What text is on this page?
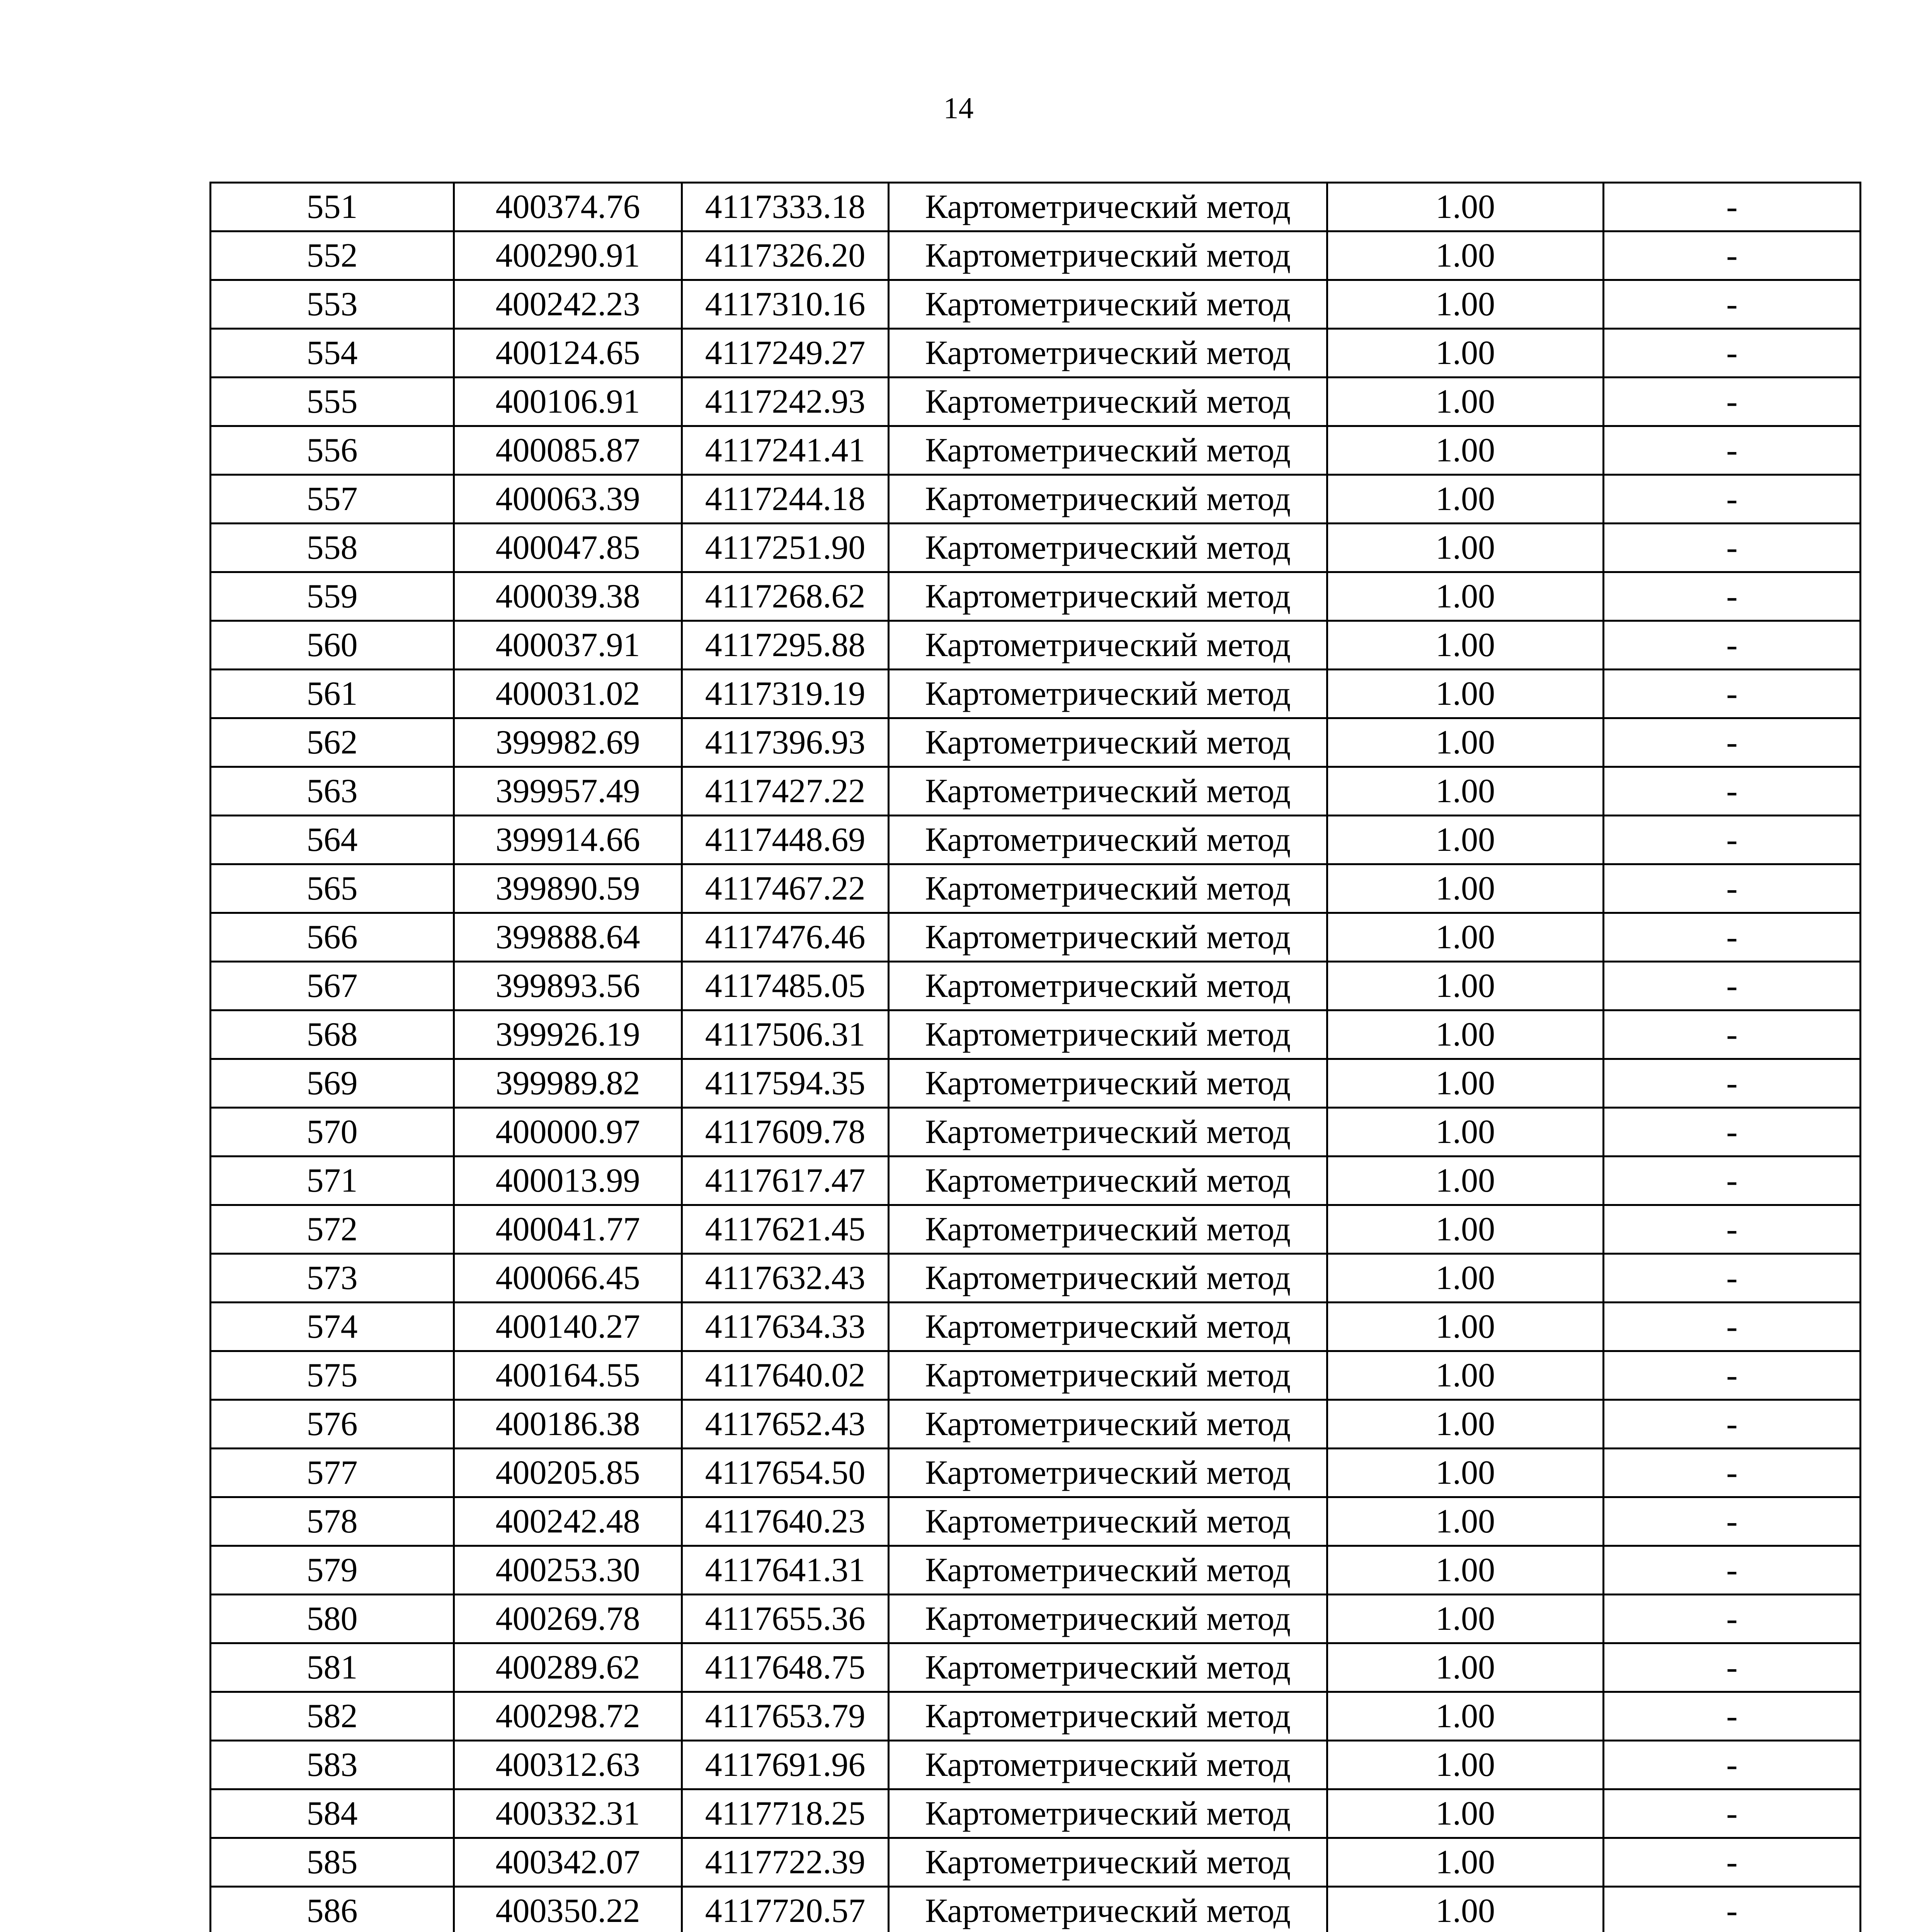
14
551	400374.76	4117333.18	Картометрический метод	1.00	-
552	400290.91	4117326.20	Картометрический метод	1.00	-
553	400242.23	4117310.16	Картометрический метод	1.00	-
554	400124.65	4117249.27	Картометрический метод	1.00	-
555	400106.91	4117242.93	Картометрический метод	1.00	-
556	400085.87	4117241.41	Картометрический метод	1.00	-
557	400063.39	4117244.18	Картометрический метод	1.00	-
558	400047.85	4117251.90	Картометрический метод	1.00	-
559	400039.38	4117268.62	Картометрический метод	1.00	-
560	400037.91	4117295.88	Картометрический метод	1.00	-
561	400031.02	4117319.19	Картометрический метод	1.00	-
562	399982.69	4117396.93	Картометрический метод	1.00	-
563	399957.49	4117427.22	Картометрический метод	1.00	-
564	399914.66	4117448.69	Картометрический метод	1.00	-
565	399890.59	4117467.22	Картометрический метод	1.00	-
566	399888.64	4117476.46	Картометрический метод	1.00	-
567	399893.56	4117485.05	Картометрический метод	1.00	-
568	399926.19	4117506.31	Картометрический метод	1.00	-
569	399989.82	4117594.35	Картометрический метод	1.00	-
570	400000.97	4117609.78	Картометрический метод	1.00	-
571	400013.99	4117617.47	Картометрический метод	1.00	-
572	400041.77	4117621.45	Картометрический метод	1.00	-
573	400066.45	4117632.43	Картометрический метод	1.00	-
574	400140.27	4117634.33	Картометрический метод	1.00	-
575	400164.55	4117640.02	Картометрический метод	1.00	-
576	400186.38	4117652.43	Картометрический метод	1.00	-
577	400205.85	4117654.50	Картометрический метод	1.00	-
578	400242.48	4117640.23	Картометрический метод	1.00	-
579	400253.30	4117641.31	Картометрический метод	1.00	-
580	400269.78	4117655.36	Картометрический метод	1.00	-
581	400289.62	4117648.75	Картометрический метод	1.00	-
582	400298.72	4117653.79	Картометрический метод	1.00	-
583	400312.63	4117691.96	Картометрический метод	1.00	-
584	400332.31	4117718.25	Картометрический метод	1.00	-
585	400342.07	4117722.39	Картометрический метод	1.00	-
586	400350.22	4117720.57	Картометрический метод	1.00	-
